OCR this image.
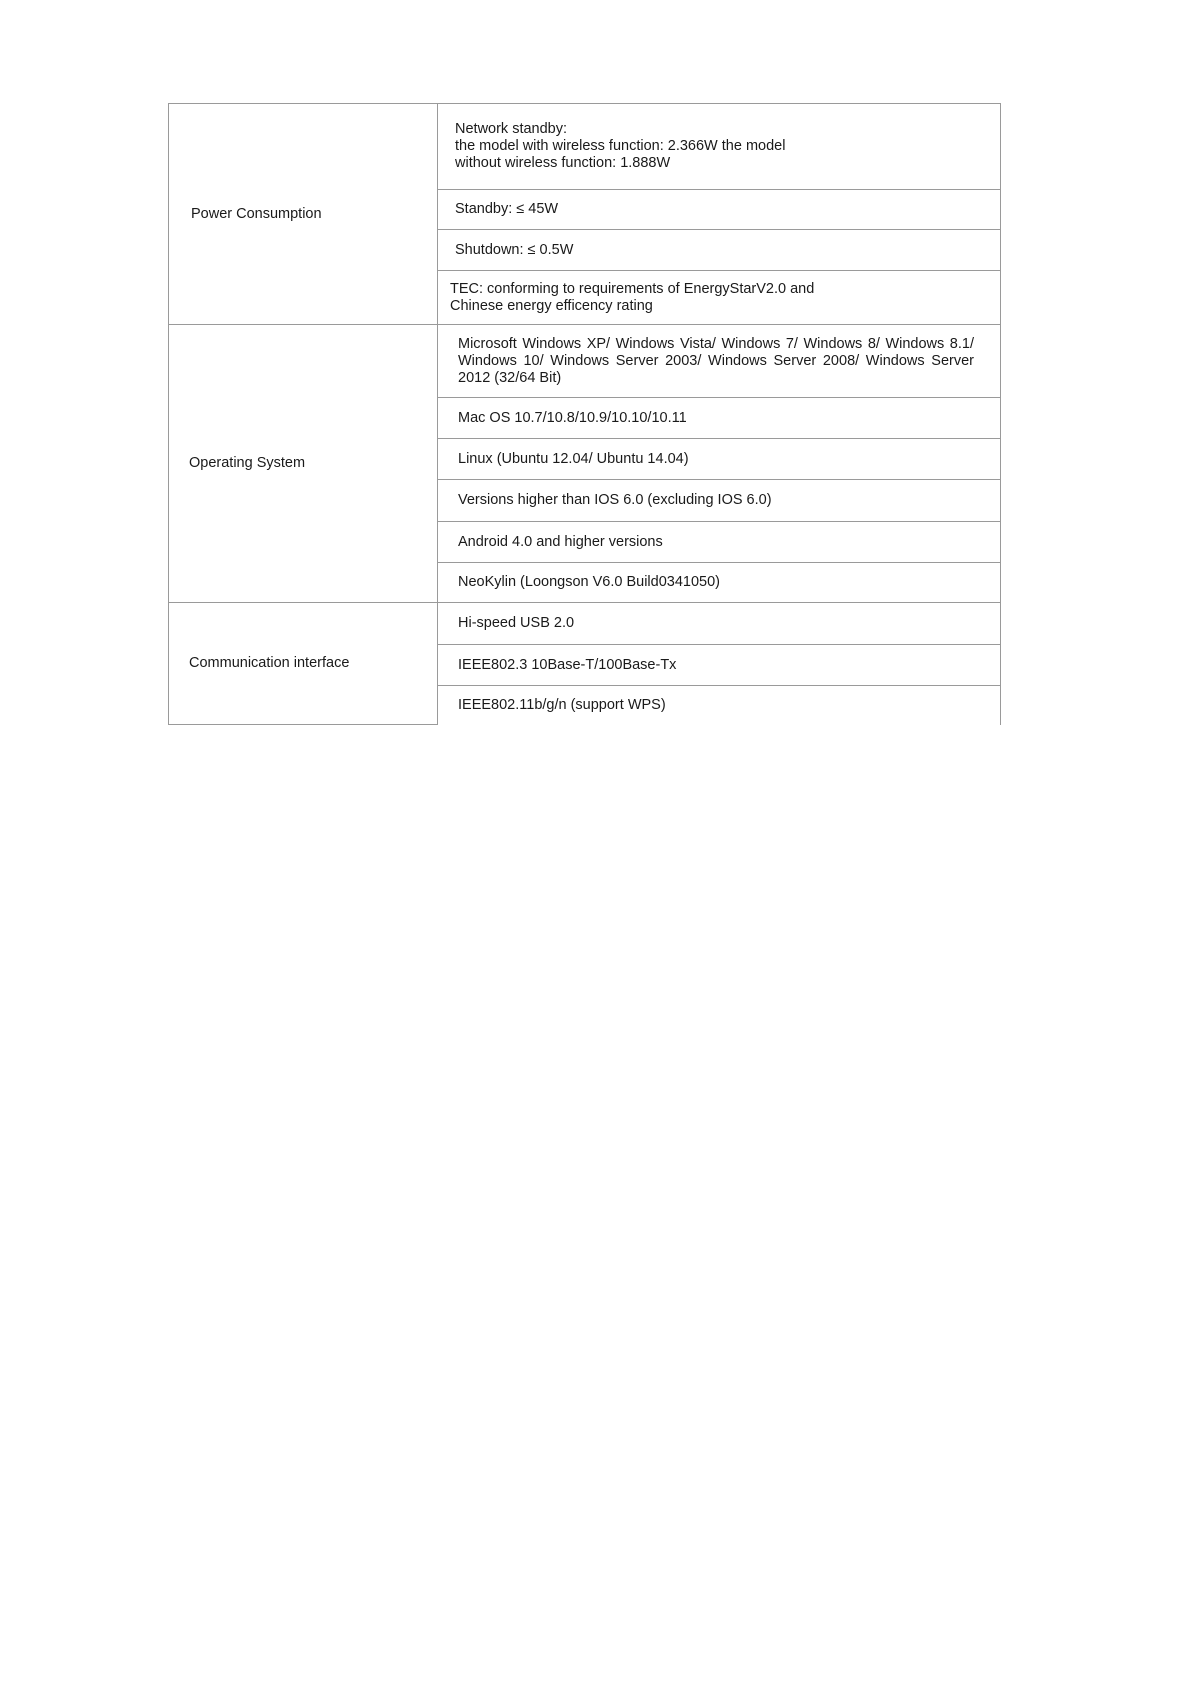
Power Consumption	Network standby:
the model with wireless function: 2.366W the model
without wireless function: 1.888W

	Standby: ≤ 45W

	Shutdown: ≤ 0.5W

	TEC: conforming to requirements of EnergyStarV2.0 and
Chinese energy efficency rating

Operating System	Microsoft Windows XP/ Windows Vista/ Windows 7/ Windows 8/ Windows 8.1/ Windows 10/ Windows Server 2003/ Windows Server 2008/ Windows Server 2012 (32/64 Bit)
	Mac OS 10.7/10.8/10.9/10.10/10.11
	Linux (Ubuntu 12.04/ Ubuntu 14.04)
	Versions higher than IOS 6.0 (excluding IOS 6.0)
	Android 4.0 and higher versions
	NeoKylin (Loongson V6.0 Build0341050)
Communication interface	Hi-speed USB 2.0
	IEEE802.3 10Base-T/100Base-Tx
	IEEE802.11b/g/n (support WPS)
